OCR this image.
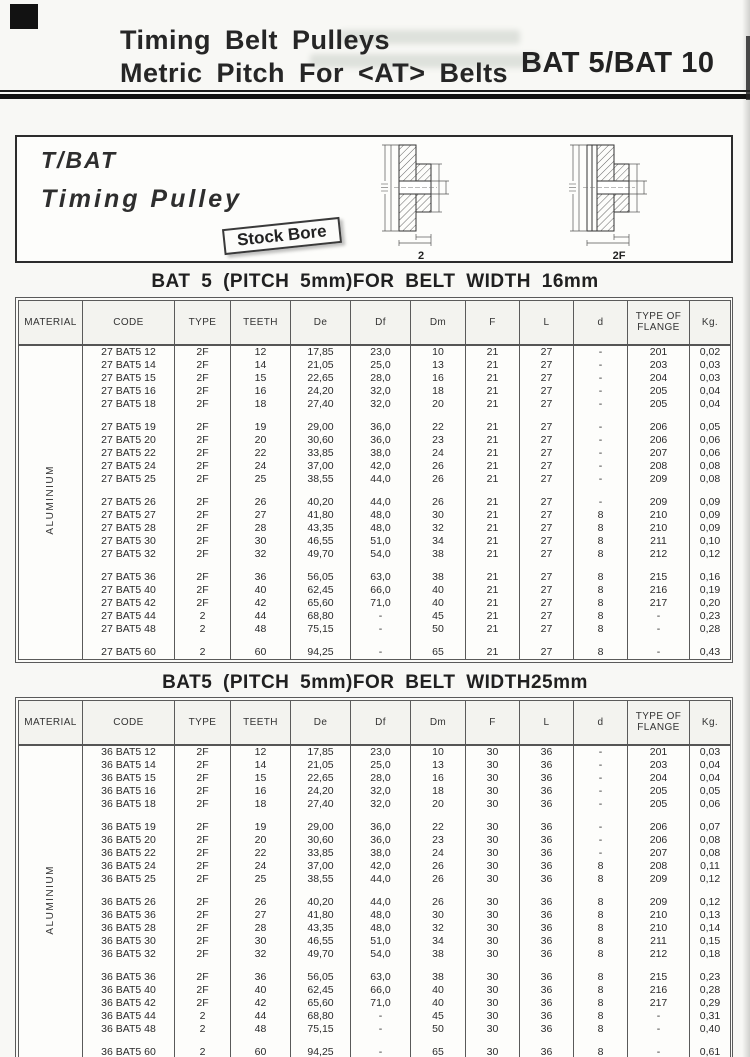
Timing Belt Pulleys
Metric Pitch For <AT> Belts BAT 5/BAT 10
T/BAT
Timing Pulley
Stock Bore
2	2F
BAT 5 (PITCH 5mm)FOR BELT WIDTH 16mm
MATERIAL	CODE	TYPE	TEETH	De	Df	Dm	F	L	d	TYPE OF FLANGE	Kg.
ALUMINIUM	27 BAT5 12	2F	12	17,85	23,0	10	21	27	-	201	0,02
	27 BAT5 14	2F	14	21,05	25,0	13	21	27	-	203	0,03
	27 BAT5 15	2F	15	22,65	28,0	16	21	27	-	204	0,03
	27 BAT5 16	2F	16	24,20	32,0	18	21	27	-	205	0,04
	27 BAT5 18	2F	18	27,40	32,0	20	21	27	-	205	0,04

	27 BAT5 19	2F	19	29,00	36,0	22	21	27	-	206	0,05
	27 BAT5 20	2F	20	30,60	36,0	23	21	27	-	206	0,06
	27 BAT5 22	2F	22	33,85	38,0	24	21	27	-	207	0,06
	27 BAT5 24	2F	24	37,00	42,0	26	21	27	-	208	0,08
	27 BAT5 25	2F	25	38,55	44,0	26	21	27	-	209	0,08

	27 BAT5 26	2F	26	40,20	44,0	26	21	27	-	209	0,09
	27 BAT5 27	2F	27	41,80	48,0	30	21	27	8	210	0,09
	27 BAT5 28	2F	28	43,35	48,0	32	21	27	8	210	0,09
	27 BAT5 30	2F	30	46,55	51,0	34	21	27	8	211	0,10
	27 BAT5 32	2F	32	49,70	54,0	38	21	27	8	212	0,12

	27 BAT5 36	2F	36	56,05	63,0	38	21	27	8	215	0,16
	27 BAT5 40	2F	40	62,45	66,0	40	21	27	8	216	0,19
	27 BAT5 42	2F	42	65,60	71,0	40	21	27	8	217	0,20
	27 BAT5 44	2	44	68,80	-	45	21	27	8	-	0,23
	27 BAT5 48	2	48	75,15	-	50	21	27	8	-	0,28

	27 BAT5 60	2	60	94,25	-	65	21	27	8	-	0,43
BAT5 (PITCH 5mm)FOR BELT WIDTH25mm
MATERIAL	CODE	TYPE	TEETH	De	Df	Dm	F	L	d	TYPE OF FLANGE	Kg.
ALUMINIUM	36 BAT5 12	2F	12	17,85	23,0	10	30	36	-	201	0,03
	36 BAT5 14	2F	14	21,05	25,0	13	30	36	-	203	0,04
	36 BAT5 15	2F	15	22,65	28,0	16	30	36	-	204	0,04
	36 BAT5 16	2F	16	24,20	32,0	18	30	36	-	205	0,05
	36 BAT5 18	2F	18	27,40	32,0	20	30	36	-	205	0,06

	36 BAT5 19	2F	19	29,00	36,0	22	30	36	-	206	0,07
	36 BAT5 20	2F	20	30,60	36,0	23	30	36	-	206	0,08
	36 BAT5 22	2F	22	33,85	38,0	24	30	36	-	207	0,08
	36 BAT5 24	2F	24	37,00	42,0	26	30	36	8	208	0,11
	36 BAT5 25	2F	25	38,55	44,0	26	30	36	8	209	0,12

	36 BAT5 26	2F	26	40,20	44,0	26	30	36	8	209	0,12
	36 BAT5 36	2F	27	41,80	48,0	30	30	36	8	210	0,13
	36 BAT5 28	2F	28	43,35	48,0	32	30	36	8	210	0,14
	36 BAT5 30	2F	30	46,55	51,0	34	30	36	8	211	0,15
	36 BAT5 32	2F	32	49,70	54,0	38	30	36	8	212	0,18

	36 BAT5 36	2F	36	56,05	63,0	38	30	36	8	215	0,23
	36 BAT5 40	2F	40	62,45	66,0	40	30	36	8	216	0,28
	36 BAT5 42	2F	42	65,60	71,0	40	30	36	8	217	0,29
	36 BAT5 44	2	44	68,80	-	45	30	36	8	-	0,31
	36 BAT5 48	2	48	75,15	-	50	30	36	8	-	0,40

	36 BAT5 60	2	60	94,25	-	65	30	36	8	-	0,61
